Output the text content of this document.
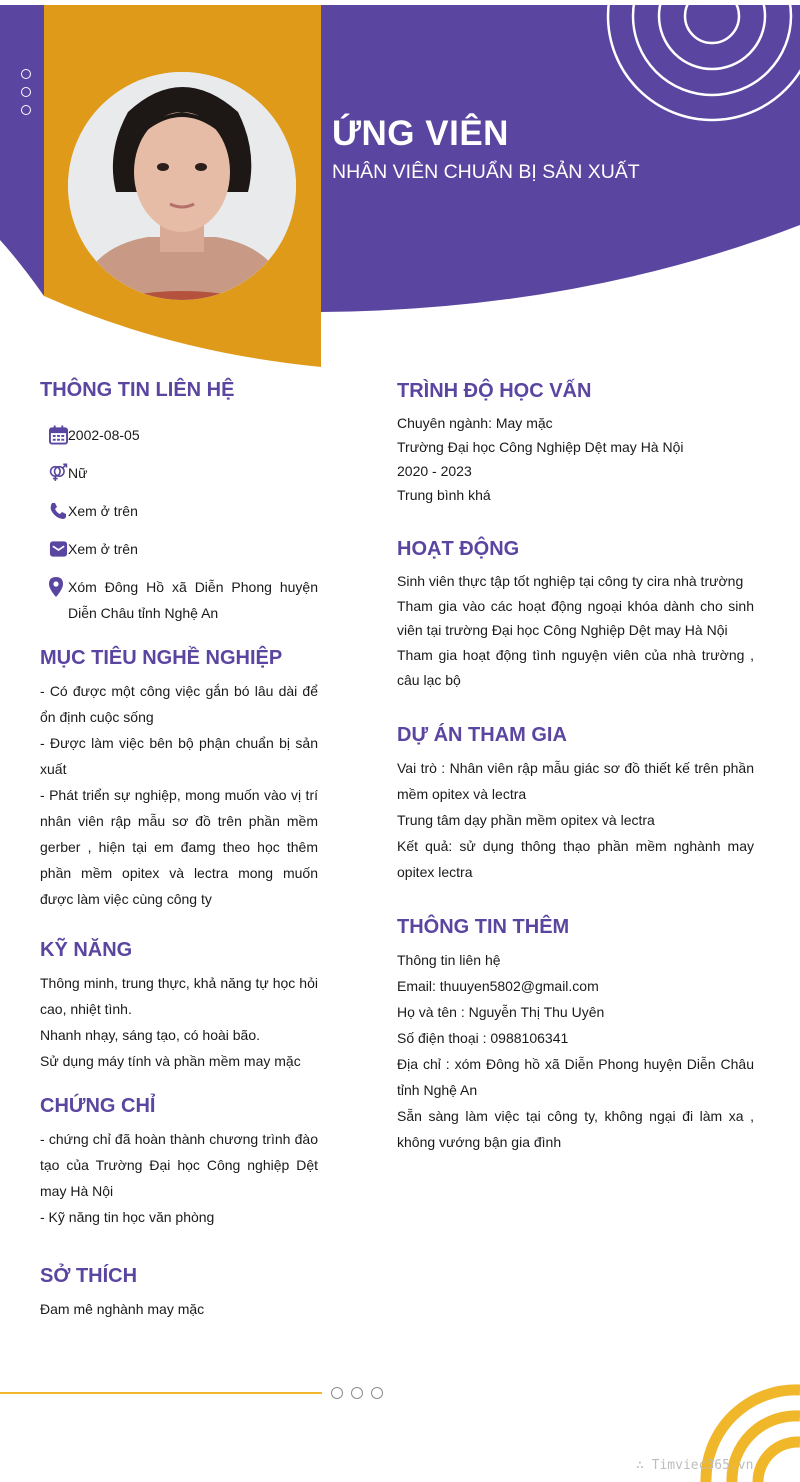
ỨNG VIÊN
NHÂN VIÊN CHUẨN BỊ SẢN XUẤT
THÔNG TIN LIÊN HỆ
2002-08-05
Nữ
Xem ở trên
Xem ở trên
Xóm Đông Hồ xã Diễn Phong huyện Diễn Châu tỉnh Nghệ An
MỤC TIÊU NGHỀ NGHIỆP
- Có được một công việc gắn bó lâu dài để ổn định cuộc sống
- Được làm việc bên bộ phận chuẩn bị sản xuất
- Phát triển sự nghiệp, mong muốn vào vị trí nhân viên rập mẫu sơ đồ trên phần mềm gerber , hiện tại em đamg theo học thêm phần mềm opitex và lectra mong muốn được làm việc cùng công ty
KỸ NĂNG
Thông minh, trung thực, khả năng tự học hỏi cao, nhiệt tình.
Nhanh nhạy, sáng tạo, có hoài bão.
Sử dụng máy tính và phần mềm may mặc
CHỨNG CHỈ
- chứng chỉ đã hoàn thành chương trình đào tạo của Trường Đại học Công nghiệp Dệt may Hà Nội
- Kỹ năng tin học văn phòng
SỞ THÍCH
Đam mê nghành may mặc
TRÌNH ĐỘ HỌC VẤN
Chuyên ngành: May mặc
Trường Đại học Công Nghiệp Dệt may Hà Nội
2020 - 2023
Trung bình khá
HOẠT ĐỘNG
Sinh viên thực tập tốt nghiệp tại công ty cira nhà trường
Tham gia vào các hoạt động ngoại khóa dành cho sinh viên tại trường Đại học Công Nghiệp Dệt may Hà Nội
Tham gia hoạt động tình nguyện viên của nhà trường , câu lạc bộ
DỰ ÁN THAM GIA
Vai trò : Nhân viên rập mẫu giác sơ đồ thiết kế trên phần mềm opitex và lectra
Trung tâm dạy phần mềm opitex và lectra
Kết quả: sử dụng thông thạo phần mềm nghành may opitex lectra
THÔNG TIN THÊM
Thông tin liên hệ
Email: thuuyen5802@gmail.com
Họ và tên : Nguyễn Thị Thu Uyên
Số điện thoại : 0988106341
Địa chỉ : xóm Đông hồ xã Diễn Phong huyện Diễn Châu tỉnh Nghệ An
Sẵn sàng làm việc tại công ty, không ngại đi làm xa , không vướng bận gia đình
∴ Timviec365.vn
